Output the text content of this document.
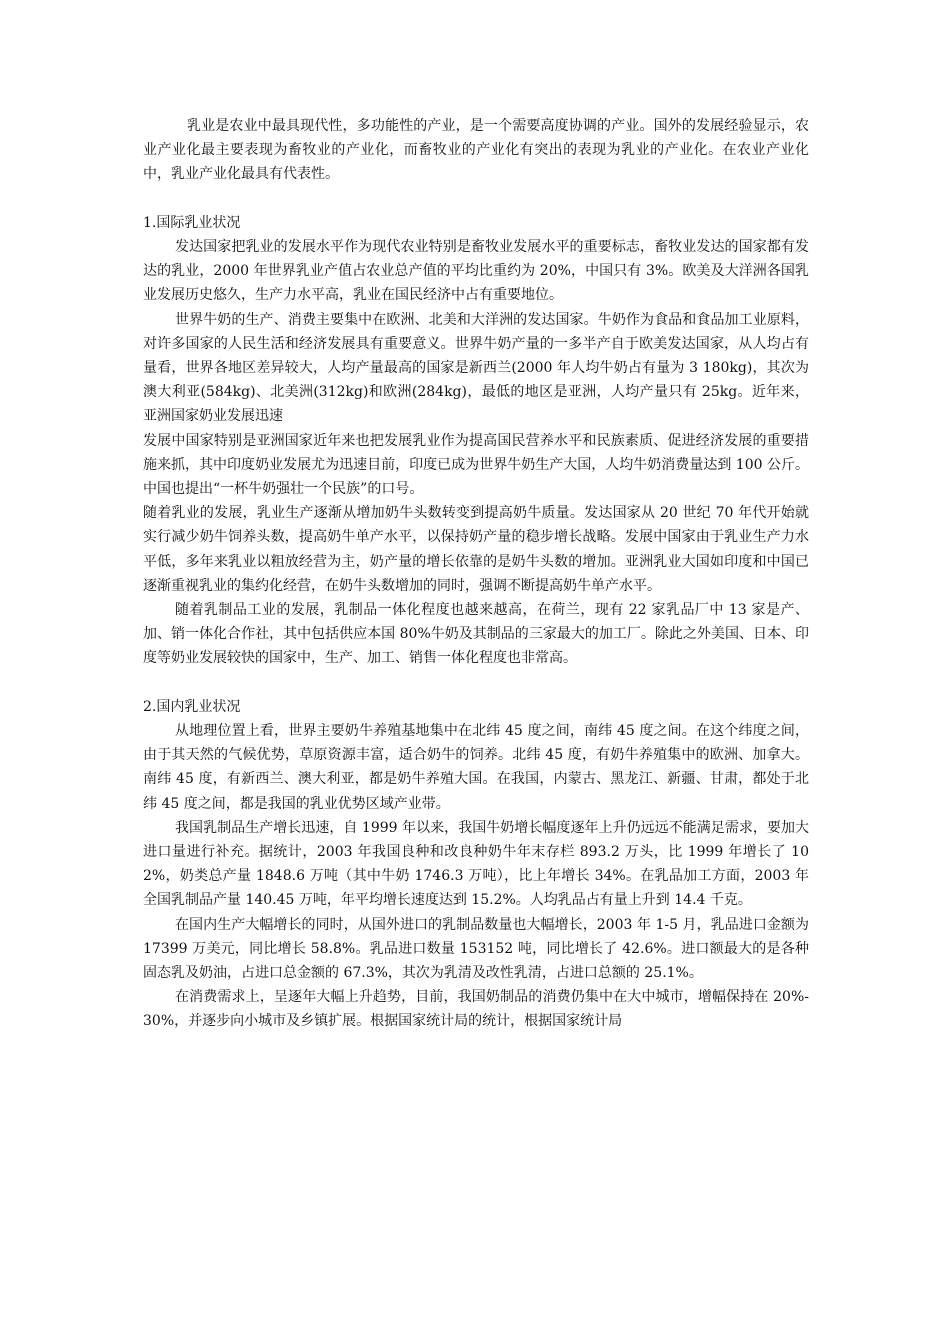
乳业是农业中最具现代性，多功能性的产业，是一个需要高度协调的产业。国外的发展经验显示，农业产业化最主要表现为畜牧业的产业化，而畜牧业的产业化有突出的表现为乳业的产业化。在农业产业化中，乳业产业化最具有代表性。

1.国际乳业状况

发达国家把乳业的发展水平作为现代农业特别是畜牧业发展水平的重要标志，畜牧业发达的国家都有发达的乳业，2000 年世界乳业产值占农业总产值的平均比重约为 20%，中国只有 3%。欧美及大洋洲各国乳业发展历史悠久，生产力水平高，乳业在国民经济中占有重要地位。

世界牛奶的生产、消费主要集中在欧洲、北美和大洋洲的发达国家。牛奶作为食品和食品加工业原料，对许多国家的人民生活和经济发展具有重要意义。世界牛奶产量的一多半产自于欧美发达国家，从人均占有量看，世界各地区差异较大，人均产量最高的国家是新西兰(2000 年人均牛奶占有量为 3 180kg)，其次为澳大利亚(584kg)、北美洲(312kg)和欧洲(284kg)，最低的地区是亚洲，人均产量只有 25kg。近年来，亚洲国家奶业发展迅速

发展中国家特别是亚洲国家近年来也把发展乳业作为提高国民营养水平和民族素质、促进经济发展的重要措施来抓，其中印度奶业发展尤为迅速目前，印度已成为世界牛奶生产大国，人均牛奶消费量达到 100 公斤。中国也提出“一杯牛奶强壮一个民族”的口号。

随着乳业的发展，乳业生产逐渐从增加奶牛头数转变到提高奶牛质量。发达国家从 20 世纪 70 年代开始就实行减少奶牛饲养头数，提高奶牛单产水平，以保持奶产量的稳步增长战略。发展中国家由于乳业生产力水平低，多年来乳业以粗放经营为主，奶产量的增长依靠的是奶牛头数的增加。亚洲乳业大国如印度和中国已逐渐重视乳业的集约化经营，在奶牛头数增加的同时，强调不断提高奶牛单产水平。

随着乳制品工业的发展，乳制品一体化程度也越来越高，在荷兰，现有 22 家乳品厂中 13 家是产、加、销一体化合作社，其中包括供应本国 80%牛奶及其制品的三家最大的加工厂。除此之外美国、日本、印度等奶业发展较快的国家中，生产、加工、销售一体化程度也非常高。

2.国内乳业状况

从地理位置上看，世界主要奶牛养殖基地集中在北纬 45 度之间，南纬 45 度之间。在这个纬度之间，由于其天然的气候优势，草原资源丰富，适合奶牛的饲养。北纬 45 度，有奶牛养殖集中的欧洲、加拿大。南纬 45 度，有新西兰、澳大利亚，都是奶牛养殖大国。在我国，内蒙古、黑龙江、新疆、甘肃，都处于北纬 45 度之间，都是我国的乳业优势区域产业带。

我国乳制品生产增长迅速，自 1999 年以来，我国牛奶增长幅度逐年上升仍远远不能满足需求，要加大进口量进行补充。据统计，2003 年我国良种和改良种奶牛年末存栏 893.2 万头，比 1999 年增长了 102%，奶类总产量 1848.6 万吨（其中牛奶 1746.3 万吨），比上年增长 34%。在乳品加工方面，2003 年全国乳制品产量 140.45 万吨，年平均增长速度达到 15.2%。人均乳品占有量上升到 14.4 千克。

在国内生产大幅增长的同时，从国外进口的乳制品数量也大幅增长，2003 年 1-5 月，乳品进口金额为 17399 万美元，同比增长 58.8%。乳品进口数量 153152 吨，同比增长了 42.6%。进口额最大的是各种固态乳及奶油，占进口总金额的 67.3%，其次为乳清及改性乳清，占进口总额的 25.1%。

在消费需求上，呈逐年大幅上升趋势，目前，我国奶制品的消费仍集中在大中城市，增幅保持在 20%-30%，并逐步向小城市及乡镇扩展。根据国家统计局的统计，根据国家统计局
